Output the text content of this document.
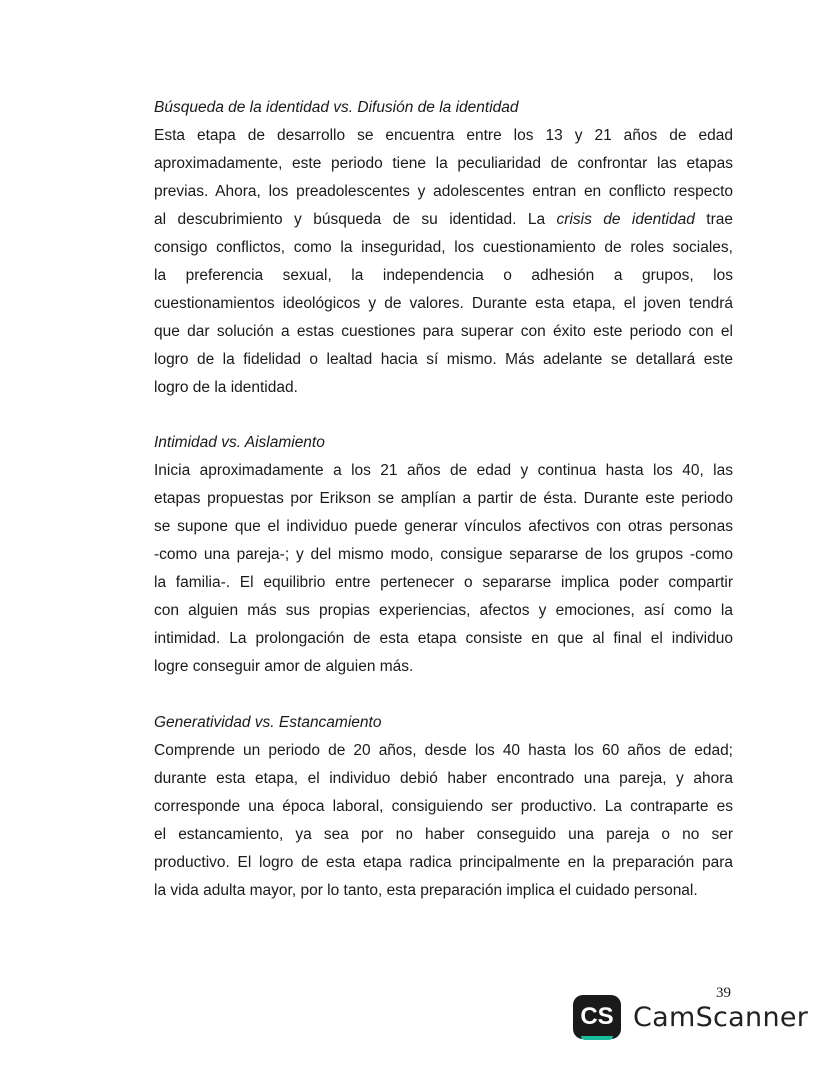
Búsqueda de la identidad vs. Difusión de la identidad
Esta etapa de desarrollo se encuentra entre los 13 y 21 años de edad
aproximadamente, este periodo tiene la peculiaridad de confrontar las etapas
previas. Ahora, los preadolescentes y adolescentes entran en conflicto respecto
al descubrimiento y búsqueda de su identidad. La crisis de identidad trae
consigo conflictos, como la inseguridad, los cuestionamiento de roles sociales,
la preferencia sexual, la independencia o adhesión a grupos, los
cuestionamientos ideológicos y de valores. Durante esta etapa, el joven tendrá
que dar solución a estas cuestiones para superar con éxito este periodo con el
logro de la fidelidad o lealtad hacia sí mismo. Más adelante se detallará este
logro de la identidad.
Intimidad vs. Aislamiento
Inicia aproximadamente a los 21 años de edad y continua hasta los 40, las
etapas propuestas por Erikson se amplían a partir de ésta. Durante este periodo
se supone que el individuo puede generar vínculos afectivos con otras personas
-como una pareja-; y del mismo modo, consigue separarse de los grupos -como
la familia-. El equilibrio entre pertenecer o separarse implica poder compartir
con alguien más sus propias experiencias, afectos y emociones, así como la
intimidad. La prolongación de esta etapa consiste en que al final el individuo
logre conseguir amor de alguien más.
Generatividad vs. Estancamiento
Comprende un periodo de 20 años, desde los 40 hasta los 60 años de edad;
durante esta etapa, el individuo debió haber encontrado una pareja, y ahora
corresponde una época laboral, consiguiendo ser productivo. La contraparte es
el estancamiento, ya sea por no haber conseguido una pareja o no ser
productivo. El logro de esta etapa radica principalmente en la preparación para
la vida adulta mayor, por lo tanto, esta preparación implica el cuidado personal.
39
CS CamScanner
